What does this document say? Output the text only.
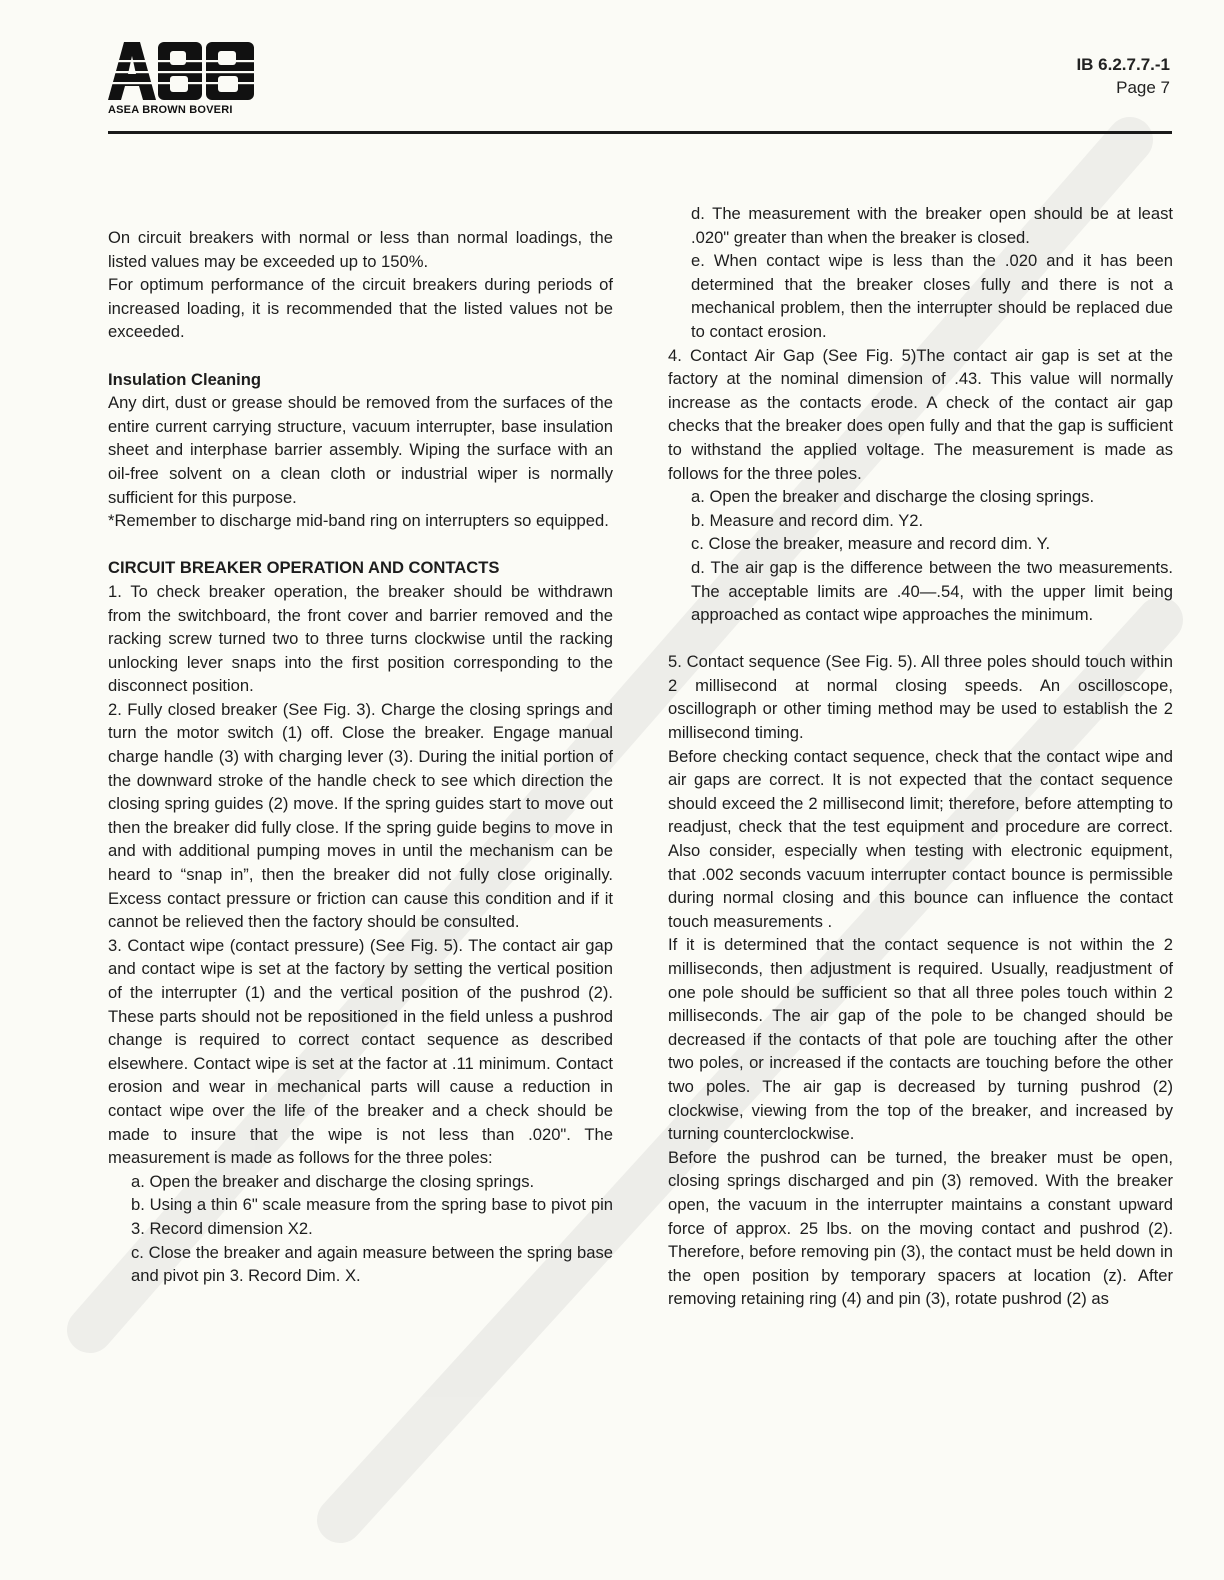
ASEA BROWN BOVERI
IB 6.2.7.7.-1
Page 7

On circuit breakers with normal or less than normal loadings, the listed values may be exceeded up to 150%.

For optimum performance of the circuit breakers during periods of increased loading, it is recommended that the listed values not be exceeded.

Insulation Cleaning

Any dirt, dust or grease should be removed from the surfaces of the entire current carrying structure, vacuum interrupter, base insulation sheet and interphase barrier assembly. Wiping the surface with an oil-free solvent on a clean cloth or industrial wiper is normally sufficient for this purpose.

*Remember to discharge mid-band ring on interrupters so equipped.

CIRCUIT BREAKER OPERATION AND CONTACTS

1. To check breaker operation, the breaker should be withdrawn from the switchboard, the front cover and barrier removed and the racking screw turned two to three turns clockwise until the racking unlocking lever snaps into the first position corresponding to the disconnect position.

2. Fully closed breaker (See Fig. 3). Charge the closing springs and turn the motor switch (1) off. Close the breaker. Engage manual charge handle (3) with charging lever (3). During the initial portion of the downward stroke of the handle check to see which direction the closing spring guides (2) move. If the spring guides start to move out then the breaker did fully close. If the spring guide begins to move in and with additional pumping moves in until the mechanism can be heard to “snap in”, then the breaker did not fully close originally. Excess contact pressure or friction can cause this condition and if it cannot be relieved then the factory should be consulted.

3. Contact wipe (contact pressure) (See Fig. 5). The contact air gap and contact wipe is set at the factory by setting the vertical position of the interrupter (1) and the vertical position of the pushrod (2). These parts should not be repositioned in the field unless a pushrod change is required to correct contact sequence as described elsewhere. Contact wipe is set at the factor at .11 minimum. Contact erosion and wear in mechanical parts will cause a reduction in contact wipe over the life of the breaker and a check should be made to insure that the wipe is not less than .020". The measurement is made as follows for the three poles:

a. Open the breaker and discharge the closing springs.

b. Using a thin 6" scale measure from the spring base to pivot pin 3. Record dimension X2.

c. Close the breaker and again measure between the spring base and pivot pin 3. Record Dim. X.

d. The measurement with the breaker open should be at least .020" greater than when the breaker is closed.

e. When contact wipe is less than the .020 and it has been determined that the breaker closes fully and there is not a mechanical problem, then the interrupter should be replaced due to contact erosion.

4. Contact Air Gap (See Fig. 5)The contact air gap is set at the factory at the nominal dimension of .43. This value will normally increase as the contacts erode. A check of the contact air gap checks that the breaker does open fully and that the gap is sufficient to withstand the applied voltage. The measurement is made as follows for the three poles.

a. Open the breaker and discharge the closing springs.

b. Measure and record dim. Y2.

c. Close the breaker, measure and record dim. Y.

d. The air gap is the difference between the two measurements. The acceptable limits are .40—.54, with the upper limit being approached as contact wipe approaches the minimum.

5. Contact sequence (See Fig. 5). All three poles should touch within 2 millisecond at normal closing speeds. An oscilloscope, oscillograph or other timing method may be used to establish the 2 millisecond timing.

Before checking contact sequence, check that the contact wipe and air gaps are correct. It is not expected that the contact sequence should exceed the 2 millisecond limit; therefore, before attempting to readjust, check that the test equipment and procedure are correct. Also consider, especially when testing with electronic equipment, that .002 seconds vacuum interrupter contact bounce is permissible during normal closing and this bounce can influence the contact touch measurements .

If it is determined that the contact sequence is not within the 2 milliseconds, then adjustment is required. Usually, readjustment of one pole should be sufficient so that all three poles touch within 2 milliseconds. The air gap of the pole to be changed should be decreased if the contacts of that pole are touching after the other two poles, or increased if the contacts are touching before the other two poles. The air gap is decreased by turning pushrod (2) clockwise, viewing from the top of the breaker, and increased by turning counterclockwise.

Before the pushrod can be turned, the breaker must be open, closing springs discharged and pin (3) removed. With the breaker open, the vacuum in the interrupter maintains a constant upward force of approx. 25 lbs. on the moving contact and pushrod (2). Therefore, before removing pin (3), the contact must be held down in the open position by temporary spacers at location (z). After removing retaining ring (4) and pin (3), rotate pushrod (2) as
